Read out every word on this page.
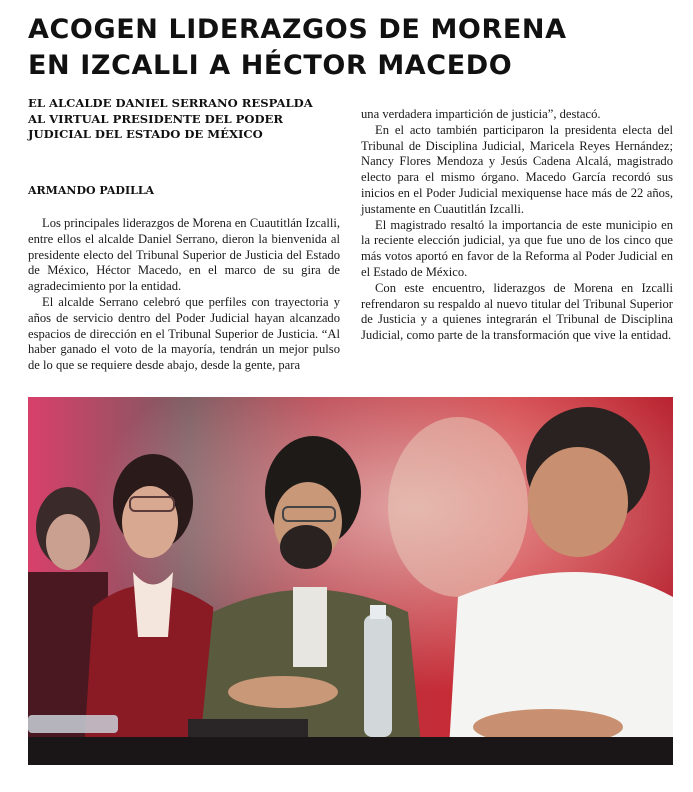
ACOGEN LIDERAZGOS DE MORENA
EN IZCALLI A HÉCTOR MACEDO
EL ALCALDE DANIEL SERRANO RESPALDA
AL VIRTUAL PRESIDENTE DEL PODER
JUDICIAL DEL ESTADO DE MÉXICO
ARMANDO PADILLA

Los principales liderazgos de Morena en Cuautitlán Izcalli, entre ellos el alcalde Daniel Serrano, dieron la bienvenida al presidente electo del Tribunal Superior de Justicia del Estado de México, Héctor Macedo, en el marco de su gira de agradecimiento por la entidad.

El alcalde Serrano celebró que perfiles con trayectoria y años de servicio dentro del Poder Judicial hayan alcanzado espacios de dirección en el Tribunal Superior de Justicia. “Al haber ganado el voto de la mayoría, tendrán un mejor pulso de lo que se requiere desde abajo, desde la gente, para

una verdadera impartición de justicia”, destacó.

En el acto también participaron la presidenta electa del Tribunal de Disciplina Judicial, Maricela Reyes Hernández; Nancy Flores Mendoza y Jesús Cadena Alcalá, magistrado electo para el mismo órgano. Macedo García recordó sus inicios en el Poder Judicial mexiquense hace más de 22 años, justamente en Cuautitlán Izcalli.

El magistrado resaltó la importancia de este municipio en la reciente elección judicial, ya que fue uno de los cinco que más votos aportó en favor de la Reforma al Poder Judicial en el Estado de México.

Con este encuentro, liderazgos de Morena en Izcalli refrendaron su respaldo al nuevo titular del Tribunal Superior de Justicia y a quienes integrarán el Tribunal de Disciplina Judicial, como parte de la transformación que vive la entidad.
